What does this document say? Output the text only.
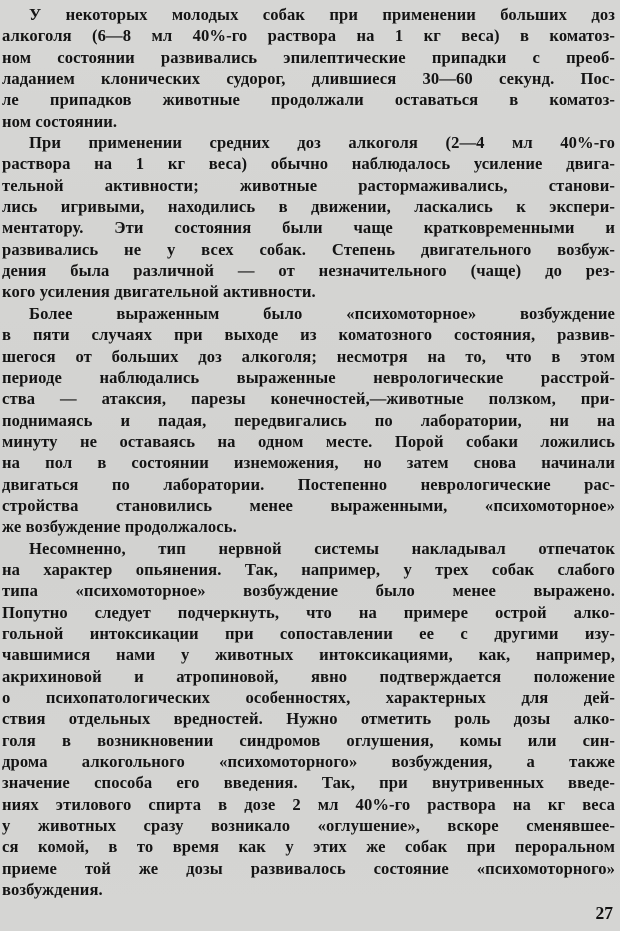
У некоторых молодых собак при применении больших доз
алкоголя (6—8 мл 40%-го раствора на 1 кг веса) в коматоз-
ном состоянии развивались эпилептические припадки с преоб-
ладанием клонических судорог, длившиеся 30—60 секунд. Пос-
ле припадков животные продолжали оставаться в коматоз-
ном состоянии.

При применении средних доз алкоголя (2—4 мл 40%-го
раствора на 1 кг веса) обычно наблюдалось усиление двига-
тельной активности; животные растормаживались, станови-
лись игривыми, находились в движении, ласкались к экспери-
ментатору. Эти состояния были чаще кратковременными и
развивались не у всех собак. Степень двигательного возбуж-
дения была различной — от незначительного (чаще) до рез-
кого усиления двигательной активности.

Более выраженным было «психомоторное» возбуждение
в пяти случаях при выходе из коматозного состояния, развив-
шегося от больших доз алкоголя; несмотря на то, что в этом
периоде наблюдались выраженные неврологические расстрой-
ства — атаксия, парезы конечностей,—животные ползком, при-
поднимаясь и падая, передвигались по лаборатории, ни на
минуту не оставаясь на одном месте. Порой собаки ложились
на пол в состоянии изнеможения, но затем снова начинали
двигаться по лаборатории. Постепенно неврологические рас-
стройства становились менее выраженными, «психомоторное»
же возбуждение продолжалось.

Несомненно, тип нервной системы накладывал отпечаток
на характер опьянения. Так, например, у трех собак слабого
типа «психомоторное» возбуждение было менее выражено.
Попутно следует подчеркнуть, что на примере острой алко-
гольной интоксикации при сопоставлении ее с другими изу-
чавшимися нами у животных интоксикациями, как, например,
акрихиновой и атропиновой, явно подтверждается положение
о психопатологических особенностях, характерных для дей-
ствия отдельных вредностей. Нужно отметить роль дозы алко-
голя в возникновении синдромов оглушения, комы или син-
дрома алкогольного «психомоторного» возбуждения, а также
значение способа его введения. Так, при внутривенных введе-
ниях этилового спирта в дозе 2 мл 40%-го раствора на кг веса
у животных сразу возникало «оглушение», вскоре сменявшее-
ся комой, в то время как у этих же собак при пероральном
приеме той же дозы развивалось состояние «психомоторного»
возбуждения.

27
